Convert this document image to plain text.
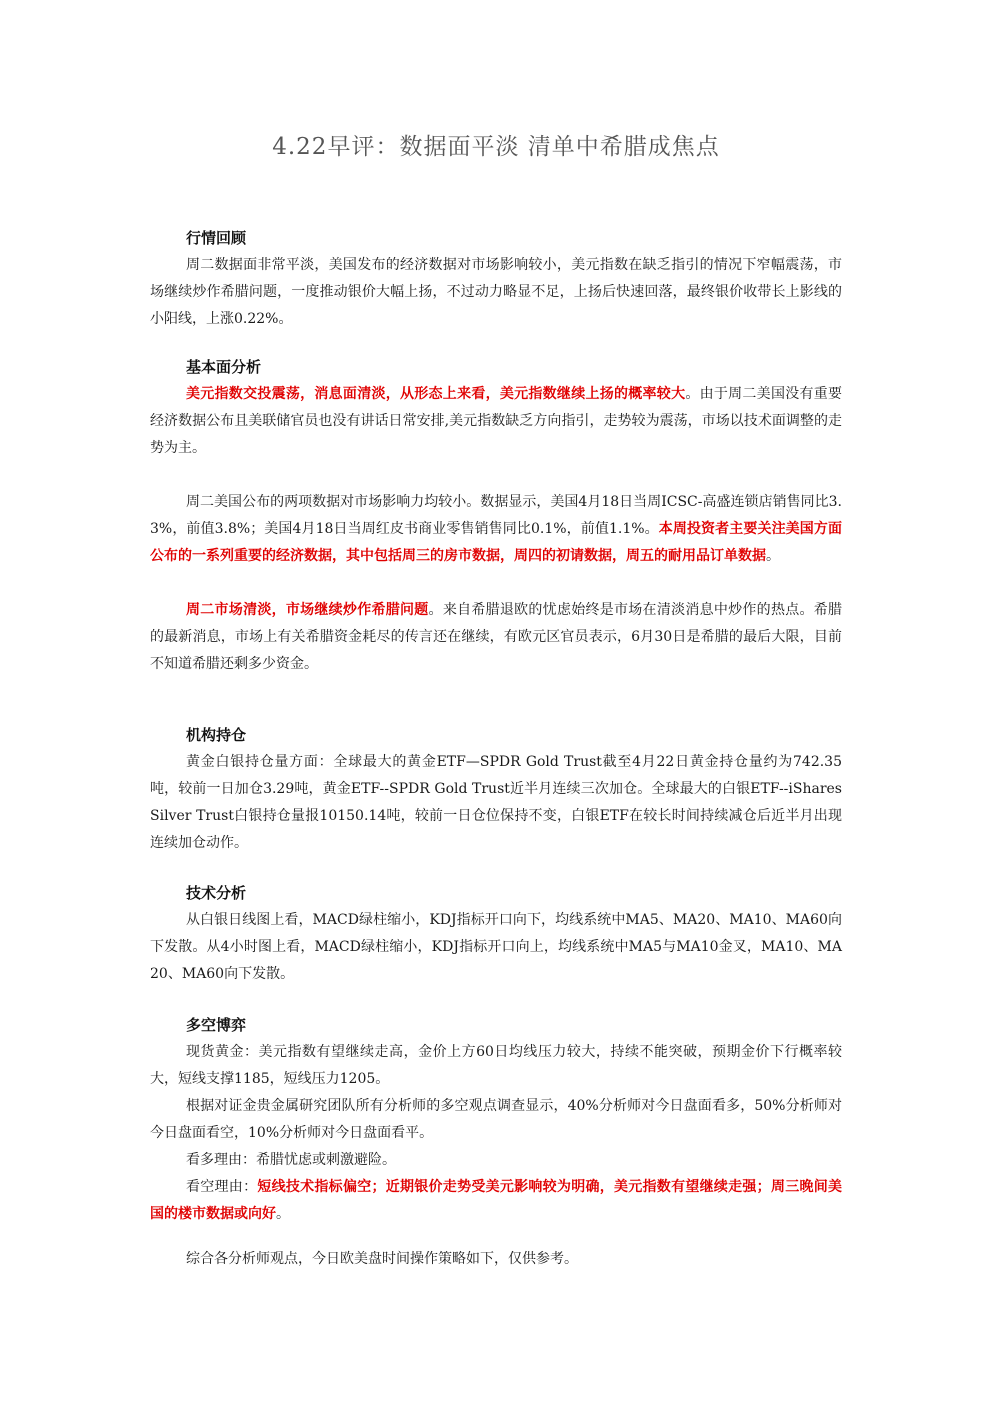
4.22早评：数据面平淡 清单中希腊成焦点

行情回顾

周二数据面非常平淡，美国发布的经济数据对市场影响较小，美元指数在缺乏指引的情况下窄幅震荡，市场继续炒作希腊问题，一度推动银价大幅上扬，不过动力略显不足，上扬后快速回落，最终银价收带长上影线的小阳线，上涨0.22%。

基本面分析

美元指数交投震荡，消息面清淡，从形态上来看，美元指数继续上扬的概率较大。由于周二美国没有重要经济数据公布且美联储官员也没有讲话日常安排,美元指数缺乏方向指引，走势较为震荡，市场以技术面调整的走势为主。

周二美国公布的两项数据对市场影响力均较小。数据显示，美国4月18日当周ICSC-高盛连锁店销售同比3.3%，前值3.8%；美国4月18日当周红皮书商业零售销售同比0.1%，前值1.1%。本周投资者主要关注美国方面公布的一系列重要的经济数据，其中包括周三的房市数据，周四的初请数据，周五的耐用品订单数据。

周二市场清淡，市场继续炒作希腊问题。来自希腊退欧的忧虑始终是市场在清淡消息中炒作的热点。希腊的最新消息，市场上有关希腊资金耗尽的传言还在继续，有欧元区官员表示，6月30日是希腊的最后大限，目前不知道希腊还剩多少资金。

机构持仓

黄金白银持仓量方面：全球最大的黄金ETF—SPDR Gold Trust截至4月22日黄金持仓量约为742.35吨，较前一日加仓3.29吨，黄金ETF--SPDR Gold Trust近半月连续三次加仓。全球最大的白银ETF--iShares Silver Trust白银持仓量报10150.14吨，较前一日仓位保持不变，白银ETF在较长时间持续减仓后近半月出现连续加仓动作。

技术分析

从白银日线图上看，MACD绿柱缩小，KDJ指标开口向下，均线系统中MA5、MA20、MA10、MA60向下发散。从4小时图上看，MACD绿柱缩小，KDJ指标开口向上，均线系统中MA5与MA10金叉，MA10、MA20、MA60向下发散。

多空博弈

现货黄金：美元指数有望继续走高，金价上方60日均线压力较大，持续不能突破，预期金价下行概率较大，短线支撑1185，短线压力1205。

根据对证金贵金属研究团队所有分析师的多空观点调查显示，40%分析师对今日盘面看多，50%分析师对今日盘面看空，10%分析师对今日盘面看平。

看多理由：希腊忧虑或刺激避险。

看空理由：短线技术指标偏空；近期银价走势受美元影响较为明确，美元指数有望继续走强；周三晚间美国的楼市数据或向好。

综合各分析师观点，今日欧美盘时间操作策略如下，仅供参考。
